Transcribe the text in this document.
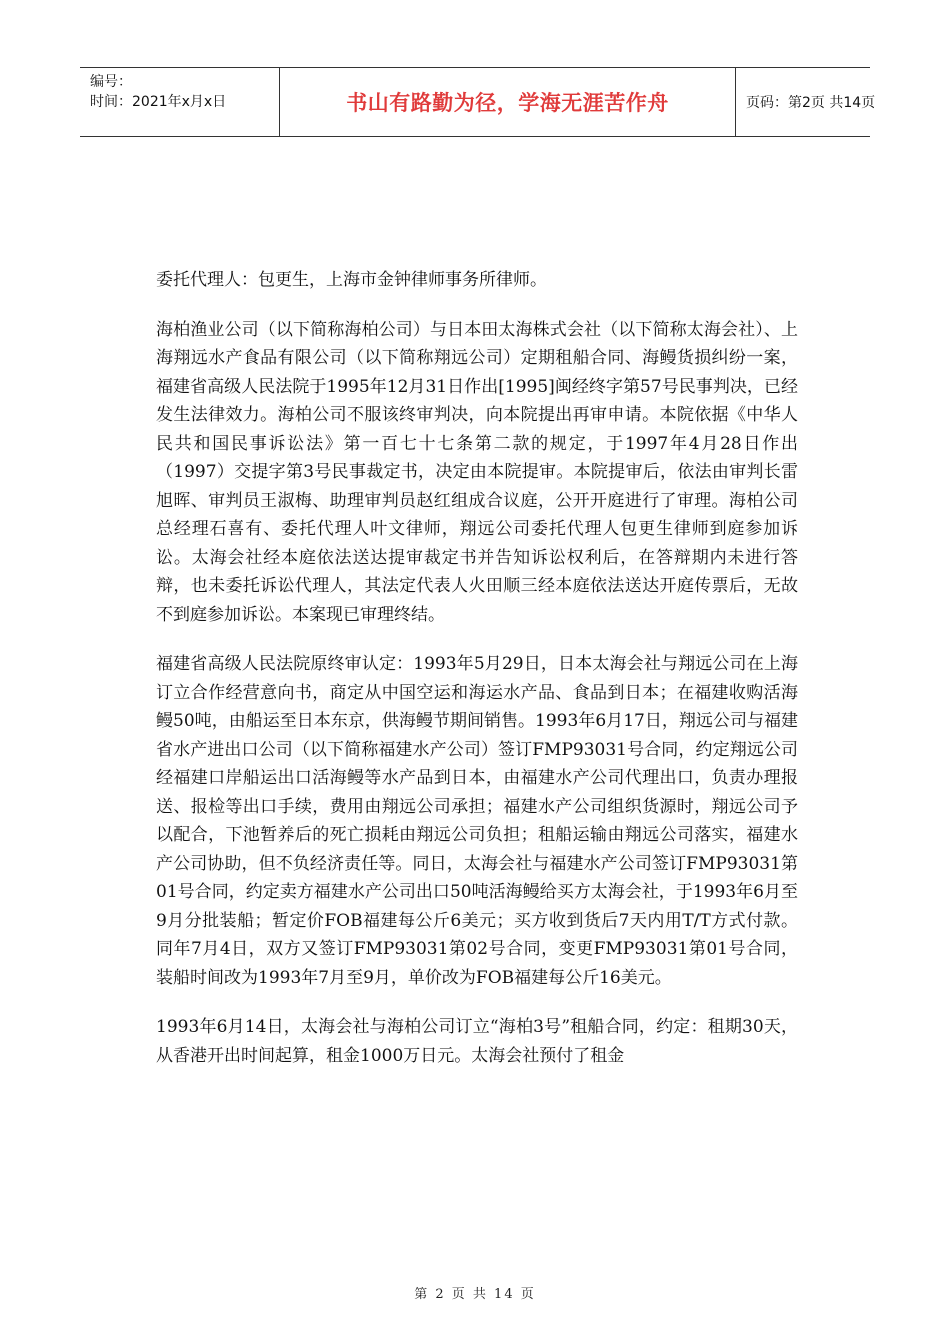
编号：
时间：2021年x月x日	书山有路勤为径，学海无涯苦作舟	页码：第2页 共14页

委托代理人：包更生，上海市金钟律师事务所律师。

海柏渔业公司（以下简称海柏公司）与日本田太海株式会社（以下简称太海会社）、上海翔远水产食品有限公司（以下简称翔远公司）定期租船合同、海鳗货损纠纷一案，福建省高级人民法院于1995年12月31日作出[1995]闽经终字第57号民事判决，已经发生法律效力。海柏公司不服该终审判决，向本院提出再审申请。本院依据《中华人民共和国民事诉讼法》第一百七十七条第二款的规定，于1997年4月28日作出（1997）交提字第3号民事裁定书，决定由本院提审。本院提审后，依法由审判长雷旭晖、审判员王淑梅、助理审判员赵红组成合议庭，公开开庭进行了审理。海柏公司总经理石喜有、委托代理人叶文律师，翔远公司委托代理人包更生律师到庭参加诉讼。太海会社经本庭依法送达提审裁定书并告知诉讼权利后，在答辩期内未进行答辩，也未委托诉讼代理人，其法定代表人火田顺三经本庭依法送达开庭传票后，无故不到庭参加诉讼。本案现已审理终结。

福建省高级人民法院原终审认定：1993年5月29日，日本太海会社与翔远公司在上海订立合作经营意向书，商定从中国空运和海运水产品、食品到日本；在福建收购活海鳗50吨，由船运至日本东京，供海鳗节期间销售。1993年6月17日，翔远公司与福建省水产进出口公司（以下简称福建水产公司）签订FMP93031号合同，约定翔远公司经福建口岸船运出口活海鳗等水产品到日本，由福建水产公司代理出口，负责办理报送、报检等出口手续，费用由翔远公司承担；福建水产公司组织货源时，翔远公司予以配合，下池暂养后的死亡损耗由翔远公司负担；租船运输由翔远公司落实，福建水产公司协助，但不负经济责任等。同日，太海会社与福建水产公司签订FMP93031第01号合同，约定卖方福建水产公司出口50吨活海鳗给买方太海会社，于1993年6月至9月分批装船；暂定价FOB福建每公斤6美元；买方收到货后7天内用T/T方式付款。同年7月4日，双方又签订FMP93031第02号合同，变更FMP93031第01号合同，装船时间改为1993年7月至9月，单价改为FOB福建每公斤16美元。

1993年6月14日，太海会社与海柏公司订立“海柏3号”租船合同，约定：租期30天，从香港开出时间起算，租金1000万日元。太海会社预付了租金

第 2 页 共 14 页
